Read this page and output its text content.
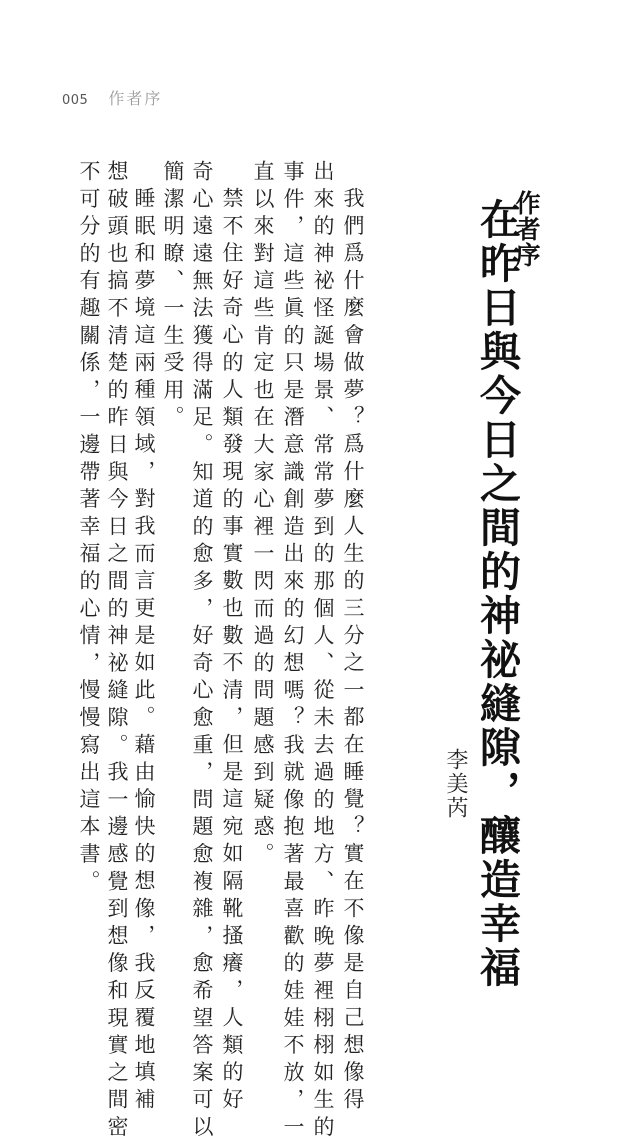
005 作者序
作者序
在昨日與今日之間的神祕縫隙，釀造幸福
李美芮
我們爲什麼會做夢？爲什麼人生的三分之一都在睡覺？實在不像是自己想像得
出來的神祕怪誕場景、常常夢到的那個人、從未去過的地方、昨晚夢裡栩栩如生的
事件，這些眞的只是潛意識創造出來的幻想嗎？我就像抱著最喜歡的娃娃不放，一
直以來對這些肯定也在大家心裡一閃而過的問題感到疑惑。
禁不住好奇心的人類發現的事實數也數不清，但是這宛如隔靴搔癢，人類的好
奇心遠遠無法獲得滿足。知道的愈多，好奇心愈重，問題愈複雜，愈希望答案可以
簡潔明瞭、一生受用。
睡眠和夢境這兩種領域，對我而言更是如此。藉由愉快的想像，我反覆地填補
想破頭也搞不清楚的昨日與今日之間的神祕縫隙。我一邊感覺到想像和現實之間密
不可分的有趣關係，一邊帶著幸福的心情，慢慢寫出這本書。
